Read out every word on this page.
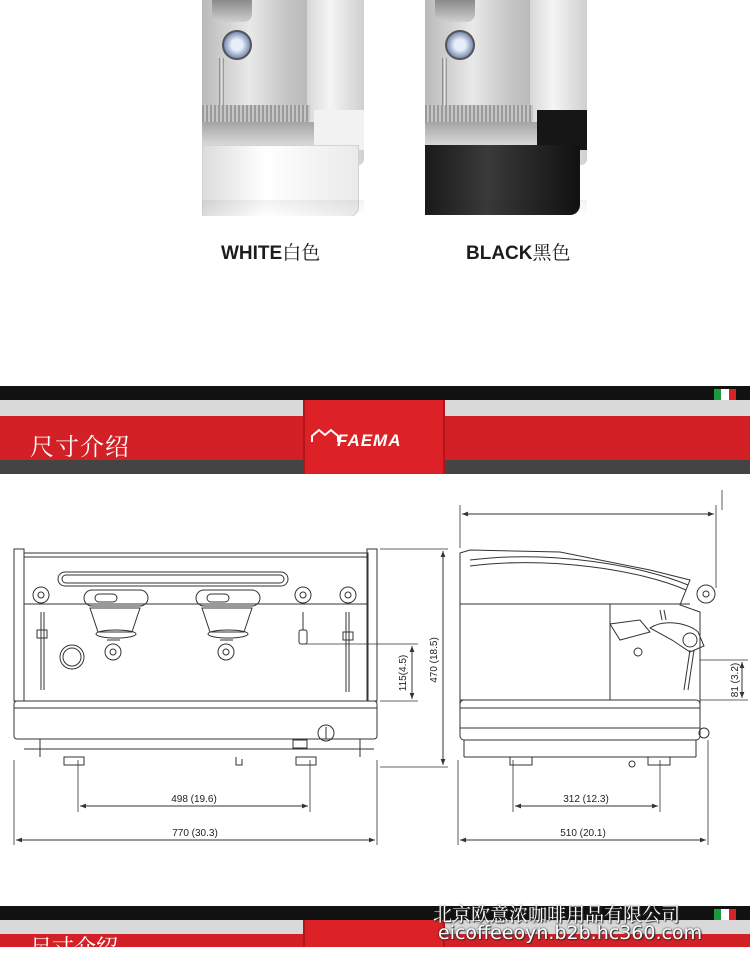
WHITE白色	BLACK黑色
FAEMA
尺寸介绍
498 (19.6)
770 (30.3)
312 (12.3)
510 (20.1)
115(4.5) 470 (18.5)	81 (3.2)
尺寸介绍
北京欧意浓咖啡用品有限公司
eicoffeeoyn.b2b.hc360.com
